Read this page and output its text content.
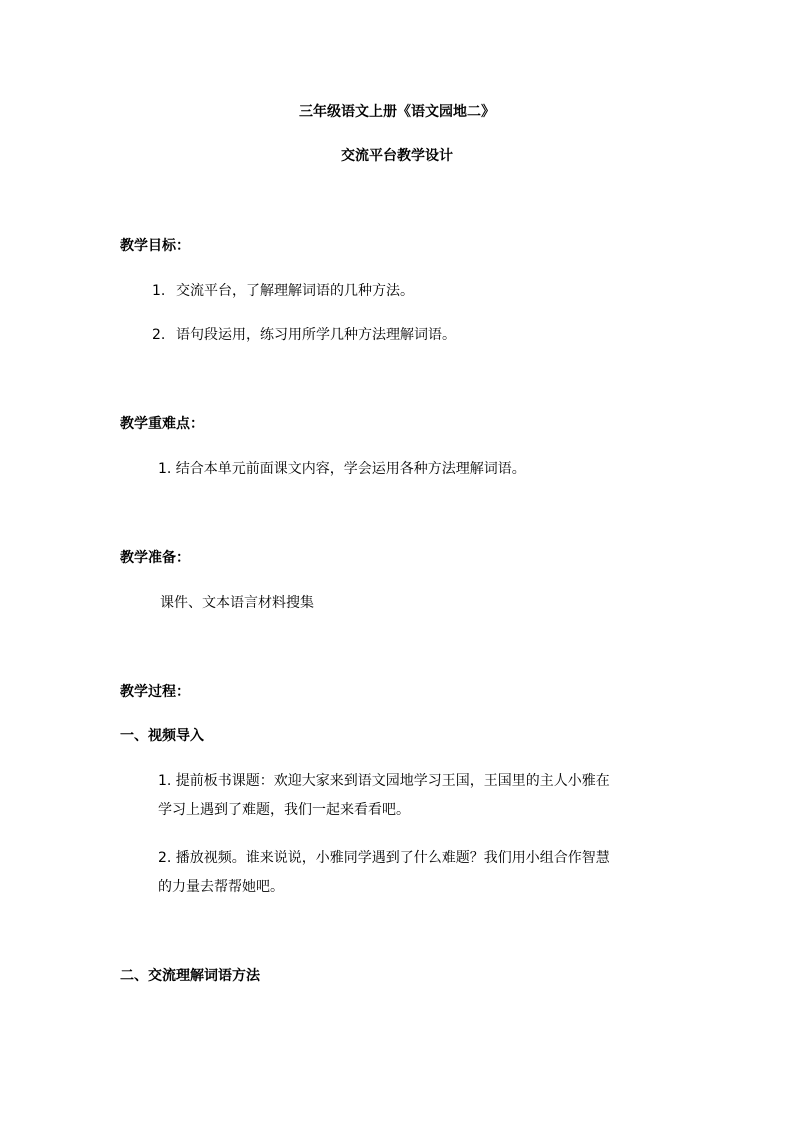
三年级语文上册《语文园地二》
交流平台教学设计
教学目标：
1. 交流平台，了解理解词语的几种方法。
2. 语句段运用，练习用所学几种方法理解词语。
教学重难点：
1. 结合本单元前面课文内容，学会运用各种方法理解词语。
教学准备：
课件、文本语言材料搜集
教学过程：
一、视频导入
1. 提前板书课题：欢迎大家来到语文园地学习王国，王国里的主人小雅在
学习上遇到了难题，我们一起来看看吧。
2. 播放视频。谁来说说，小雅同学遇到了什么难题？我们用小组合作智慧
的力量去帮帮她吧。
二、交流理解词语方法
